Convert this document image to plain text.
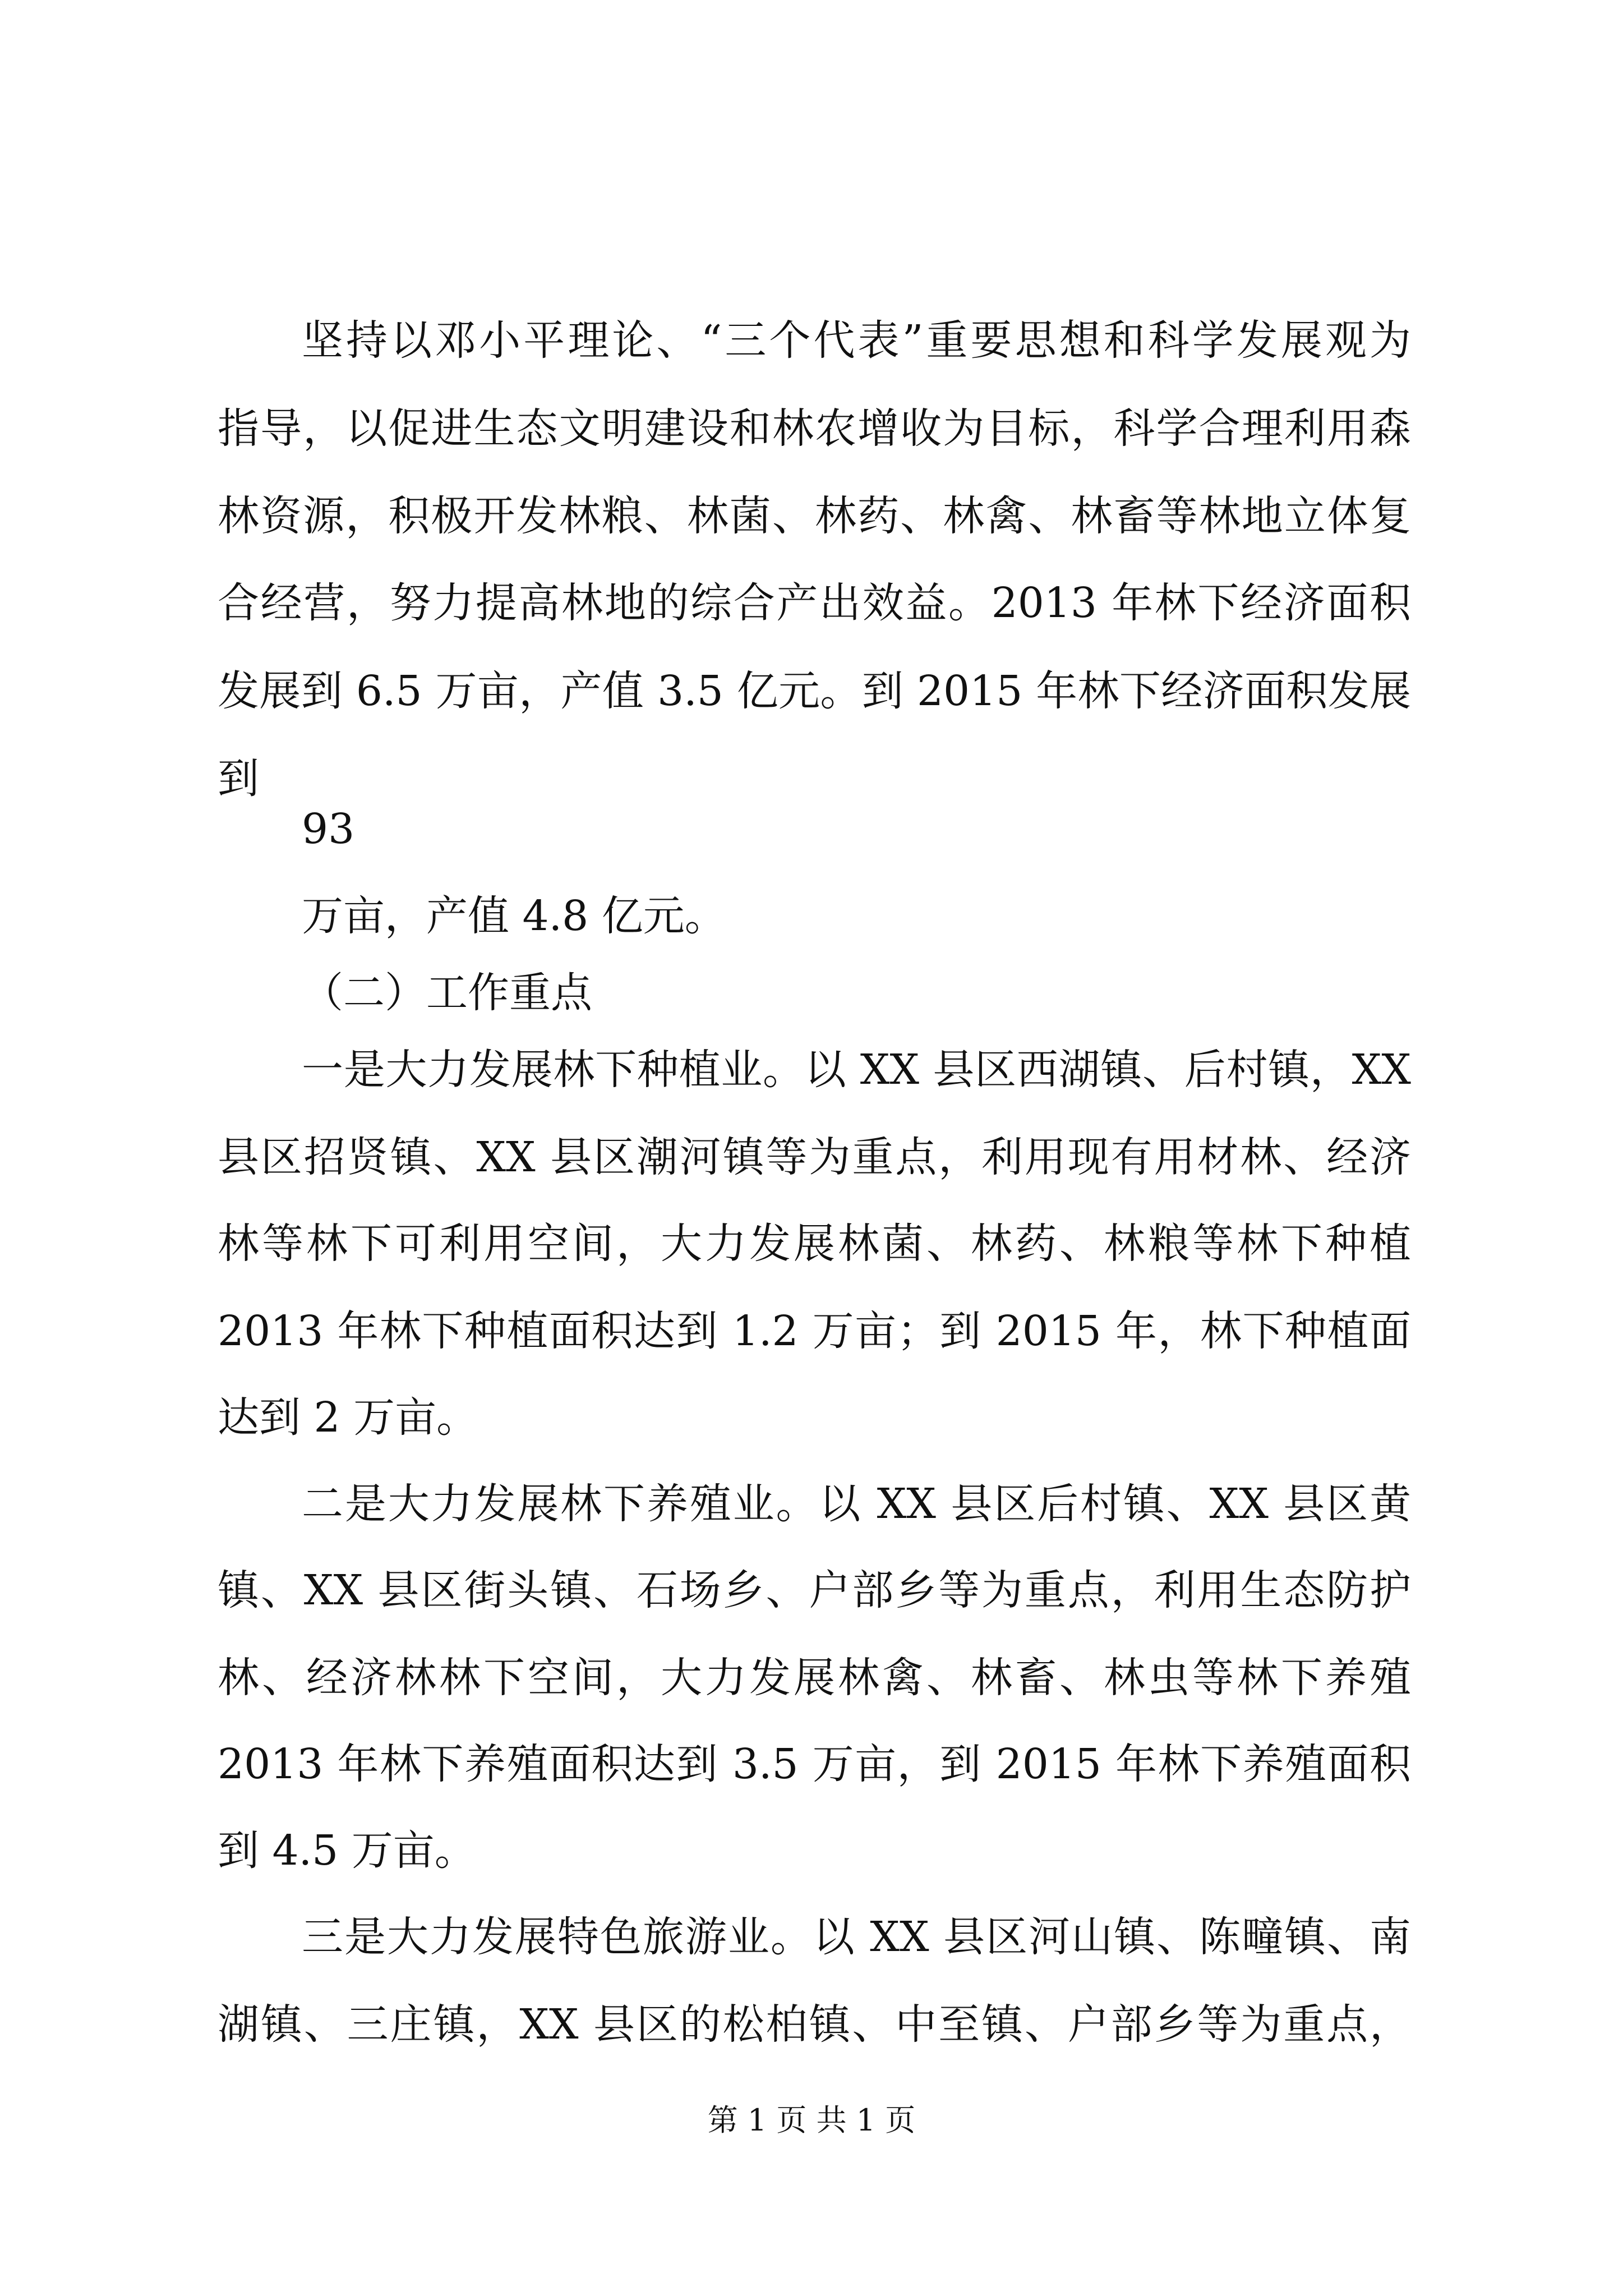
坚持以邓小平理论、“三个代表”重要思想和科学发展观为
指导，以促进生态文明建设和林农增收为目标，科学合理利用森
林资源，积极开发林粮、林菌、林药、林禽、林畜等林地立体复
合经营，努力提高林地的综合产出效益。2013 年林下经济面积
发展到 6.5 万亩，产值 3.5 亿元。到 2015 年林下经济面积发展
到
93
万亩，产值 4.8 亿元。
（二）工作重点
一是大力发展林下种植业。以 XX 县区西湖镇、后村镇，XX
县区招贤镇、XX 县区潮河镇等为重点，利用现有用材林、经济
林等林下可利用空间，大力发展林菌、林药、林粮等林下种植
2013 年林下种植面积达到 1.2 万亩；到 2015 年，林下种植面
达到 2 万亩。
二是大力发展林下养殖业。以 XX 县区后村镇、XX 县区黄
镇、XX 县区街头镇、石场乡、户部乡等为重点，利用生态防护
林、经济林林下空间，大力发展林禽、林畜、林虫等林下养殖
2013 年林下养殖面积达到 3.5 万亩，到 2015 年林下养殖面积
到 4.5 万亩。
三是大力发展特色旅游业。以 XX 县区河山镇、陈疃镇、南
湖镇、三庄镇，XX 县区的松柏镇、中至镇、户部乡等为重点，
第 1 页 共 1 页
